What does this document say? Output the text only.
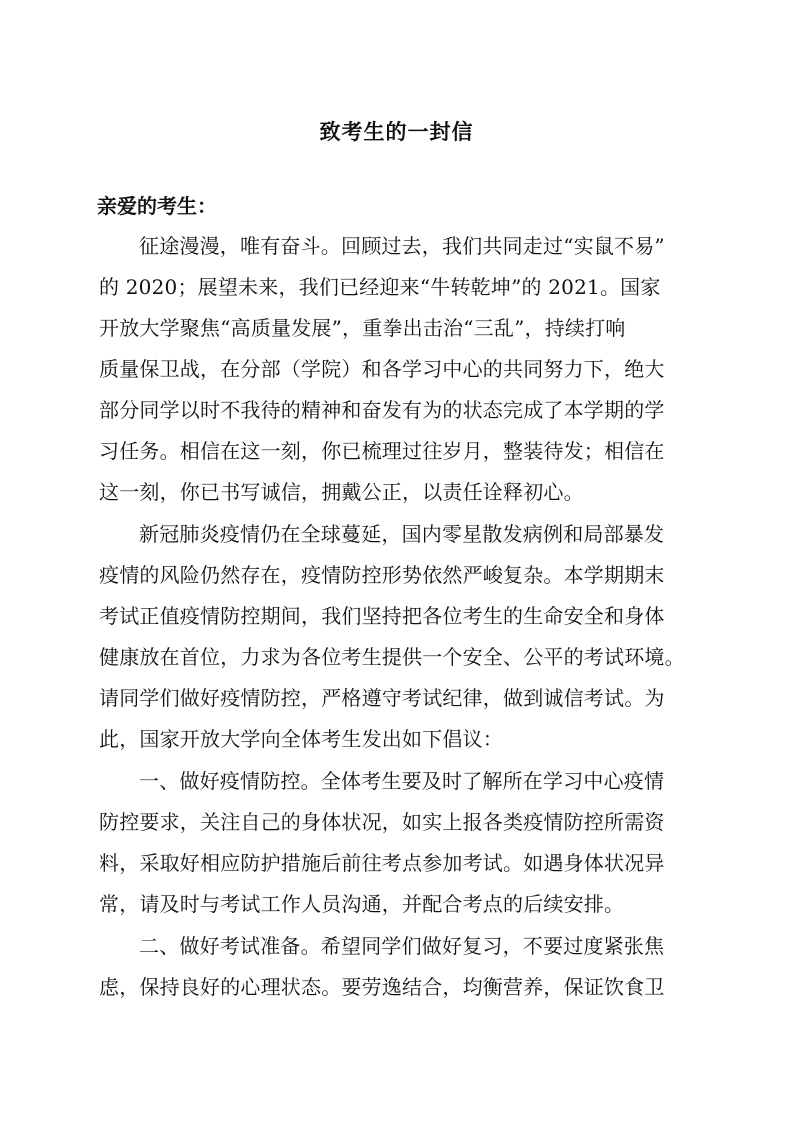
致考生的一封信
亲爱的考生：
征途漫漫，唯有奋斗。回顾过去，我们共同走过“实鼠不易”
的 2020；展望未来，我们已经迎来“牛转乾坤”的 2021。国家
开放大学聚焦“高质量发展”，重拳出击治“三乱”，持续打响
质量保卫战，在分部（学院）和各学习中心的共同努力下，绝大
部分同学以时不我待的精神和奋发有为的状态完成了本学期的学
习任务。相信在这一刻，你已梳理过往岁月，整装待发；相信在
这一刻，你已书写诚信，拥戴公正，以责任诠释初心。
新冠肺炎疫情仍在全球蔓延，国内零星散发病例和局部暴发
疫情的风险仍然存在，疫情防控形势依然严峻复杂。本学期期末
考试正值疫情防控期间，我们坚持把各位考生的生命安全和身体
健康放在首位，力求为各位考生提供一个安全、公平的考试环境。
请同学们做好疫情防控，严格遵守考试纪律，做到诚信考试。为
此，国家开放大学向全体考生发出如下倡议：
一、做好疫情防控。全体考生要及时了解所在学习中心疫情
防控要求，关注自己的身体状况，如实上报各类疫情防控所需资
料，采取好相应防护措施后前往考点参加考试。如遇身体状况异
常，请及时与考试工作人员沟通，并配合考点的后续安排。
二、做好考试准备。希望同学们做好复习，不要过度紧张焦
虑，保持良好的心理状态。要劳逸结合，均衡营养，保证饮食卫
